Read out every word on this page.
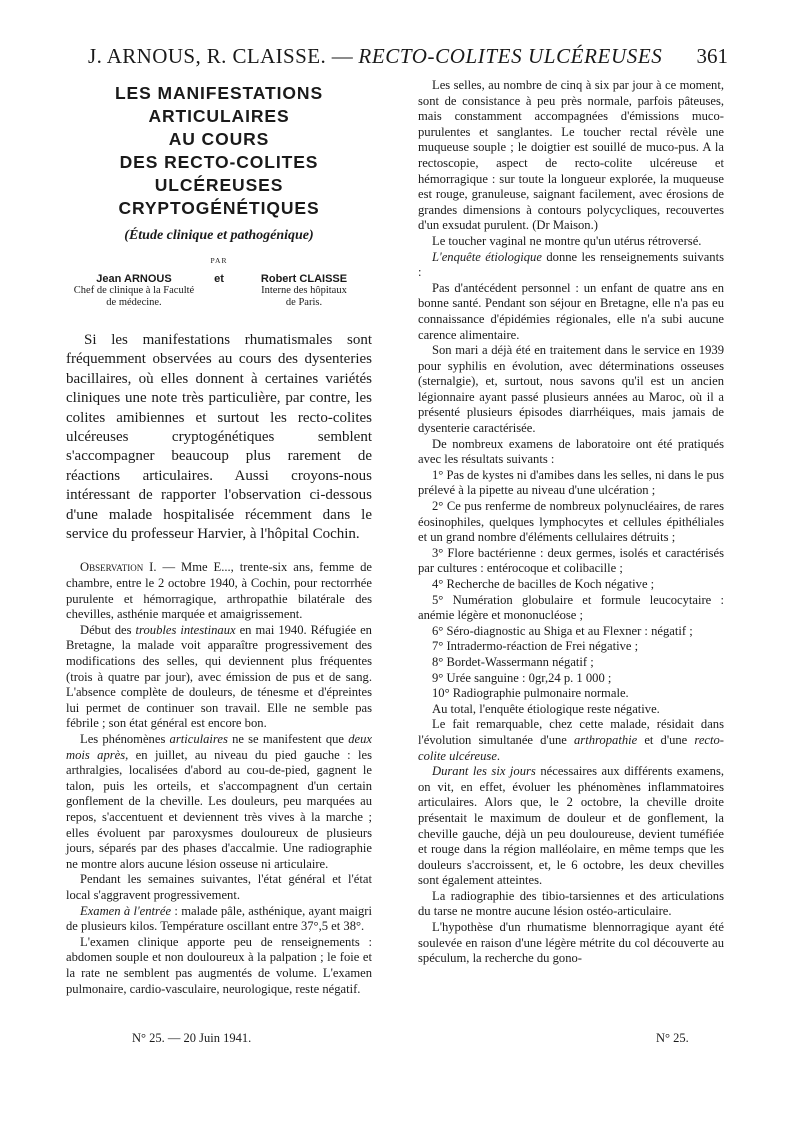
J. ARNOUS, R. CLAISSE. — RECTO-COLITES ULCÉREUSES 361
LES MANIFESTATIONS
ARTICULAIRES
AU COURS
DES RECTO-COLITES
ULCÉREUSES
CRYPTOGÉNÉTIQUES
(Étude clinique et pathogénique)
PAR
Jean ARNOUS
Chef de clinique à la Faculté
de médecine.
et	Robert CLAISSE
Interne des hôpitaux
de Paris.
Si les manifestations rhumatismales sont fréquemment observées au cours des dysenteries bacillaires, où elles donnent à certaines variétés cliniques une note très particulière, par contre, les colites amibiennes et surtout les recto-colites ulcéreuses cryptogénétiques semblent s'accompagner beaucoup plus rarement de réactions articulaires. Aussi croyons-nous intéressant de rapporter l'observation ci-dessous d'une malade hospitalisée récemment dans le service du professeur Harvier, à l'hôpital Cochin.

Observation I. — Mme E..., trente-six ans, femme de chambre, entre le 2 octobre 1940, à Cochin, pour rectorrhée purulente et hémorragique, arthropathie bilatérale des chevilles, asthénie marquée et amaigrissement.

Début des troubles intestinaux en mai 1940. Réfugiée en Bretagne, la malade voit apparaître progressivement des modifications des selles, qui deviennent plus fréquentes (trois à quatre par jour), avec émission de pus et de sang. L'absence complète de douleurs, de ténesme et d'épreintes lui permet de continuer son travail. Elle ne semble pas fébrile ; son état général est encore bon.

Les phénomènes articulaires ne se manifestent que deux mois après, en juillet, au niveau du pied gauche : les arthralgies, localisées d'abord au cou-de-pied, gagnent le talon, puis les orteils, et s'accompagnent d'un certain gonflement de la cheville. Les douleurs, peu marquées au repos, s'accentuent et deviennent très vives à la marche ; elles évoluent par paroxysmes douloureux de plusieurs jours, séparés par des phases d'accalmie. Une radiographie ne montre alors aucune lésion osseuse ni articulaire.

Pendant les semaines suivantes, l'état général et l'état local s'aggravent progressivement.

Examen à l'entrée : malade pâle, asthénique, ayant maigri de plusieurs kilos. Température oscillant entre 37°,5 et 38°.

L'examen clinique apporte peu de renseignements : abdomen souple et non douloureux à la palpation ; le foie et la rate ne semblent pas augmentés de volume. L'examen pulmonaire, cardio-vasculaire, neurologique, reste négatif.

Les selles, au nombre de cinq à six par jour à ce moment, sont de consistance à peu près normale, parfois pâteuses, mais constamment accompagnées d'émissions muco-purulentes et sanglantes. Le toucher rectal révèle une muqueuse souple ; le doigtier est souillé de muco-pus. A la rectoscopie, aspect de recto-colite ulcéreuse et hémorragique : sur toute la longueur explorée, la muqueuse est rouge, granuleuse, saignant facilement, avec érosions de grandes dimensions à contours polycycliques, recouvertes d'un exsudat purulent. (Dr Maison.)

Le toucher vaginal ne montre qu'un utérus rétroversé.

L'enquête étiologique donne les renseignements suivants :

Pas d'antécédent personnel : un enfant de quatre ans en bonne santé. Pendant son séjour en Bretagne, elle n'a pas eu connaissance d'épidémies régionales, elle n'a subi aucune carence alimentaire.

Son mari a déjà été en traitement dans le service en 1939 pour syphilis en évolution, avec déterminations osseuses (sternalgie), et, surtout, nous savons qu'il est un ancien légionnaire ayant passé plusieurs années au Maroc, où il a présenté plusieurs épisodes diarrhéiques, mais jamais de dysenterie caractérisée.

De nombreux examens de laboratoire ont été pratiqués avec les résultats suivants :

1° Pas de kystes ni d'amibes dans les selles, ni dans le pus prélevé à la pipette au niveau d'une ulcération ;

2° Ce pus renferme de nombreux polynucléaires, de rares éosinophiles, quelques lymphocytes et cellules épithéliales et un grand nombre d'éléments cellulaires détruits ;

3° Flore bactérienne : deux germes, isolés et caractérisés par cultures : entérocoque et colibacille ;

4° Recherche de bacilles de Koch négative ;

5° Numération globulaire et formule leucocytaire : anémie légère et mononucléose ;

6° Séro-diagnostic au Shiga et au Flexner : négatif ;

7° Intradermo-réaction de Frei négative ;

8° Bordet-Wassermann négatif ;

9° Urée sanguine : 0gr,24 p. 1 000 ;

10° Radiographie pulmonaire normale.

Au total, l'enquête étiologique reste négative.

Le fait remarquable, chez cette malade, résidait dans l'évolution simultanée d'une arthropathie et d'une recto-colite ulcéreuse.

Durant les six jours nécessaires aux différents examens, on vit, en effet, évoluer les phénomènes inflammatoires articulaires. Alors que, le 2 octobre, la cheville droite présentait le maximum de douleur et de gonflement, la cheville gauche, déjà un peu douloureuse, devient tuméfiée et rouge dans la région malléolaire, en même temps que les douleurs s'accroissent, et, le 6 octobre, les deux chevilles sont également atteintes.

La radiographie des tibio-tarsiennes et des articulations du tarse ne montre aucune lésion ostéo-articulaire.

L'hypothèse d'un rhumatisme blennorragique ayant été soulevée en raison d'une légère métrite du col découverte au spéculum, la recherche du gono-

N° 25. — 20 Juin 1941.	N° 25.
